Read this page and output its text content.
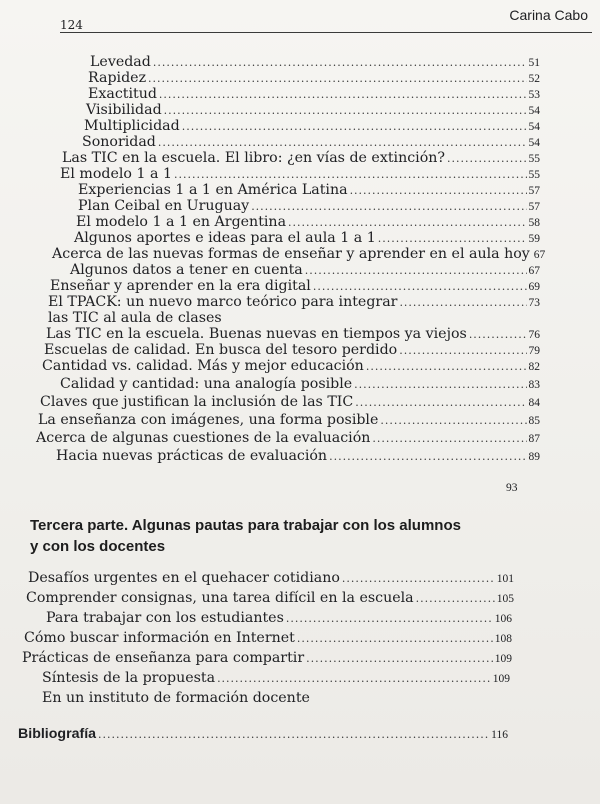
124
Carina Cabo
Levedad .....	51
Rapidez .....	52
Exactitud .....	53
Visibilidad .....	54
Multiplicidad .....	54
Sonoridad .....	54
Las TIC en la escuela. El libro: ¿en vías de extinción? .....	55
El modelo 1 a 1 .....	55
Experiencias 1 a 1 en América Latina .....	57
Plan Ceibal en Uruguay .....	57
El modelo 1 a 1 en Argentina .....	58
Algunos aportes e ideas para el aula 1 a 1 .....	59
Acerca de las nuevas formas de enseñar y aprender en el aula hoy 67
Algunos datos a tener en cuenta .....	67
Enseñar y aprender en la era digital .....	69
El TPACK: un nuevo marco teórico para integrar .....	73
las TIC al aula de clases
Las TIC en la escuela. Buenas nuevas en tiempos ya viejos .....	76
Escuelas de calidad. En busca del tesoro perdido .....	79
Cantidad vs. calidad. Más y mejor educación .....	82
Calidad y cantidad: una analogía posible .....	83
Claves que justifican la inclusión de las TIC .....	84
La enseñanza con imágenes, una forma posible .....	85
Acerca de algunas cuestiones de la evaluación .....	87
Hacia nuevas prácticas de evaluación .....	89
Tercera parte. Algunas pautas para trabajar con los alumnos
y con los docentes
Desafíos urgentes en el quehacer cotidiano .....	101
Comprender consignas, una tarea difícil en la escuela .....	105
Para trabajar con los estudiantes .....	106
Cómo buscar información en Internet .....	108
Prácticas de enseñanza para compartir .....	109
Síntesis de la propuesta .....	109
En un instituto de formación docente
Bibliografía .....	116
93
